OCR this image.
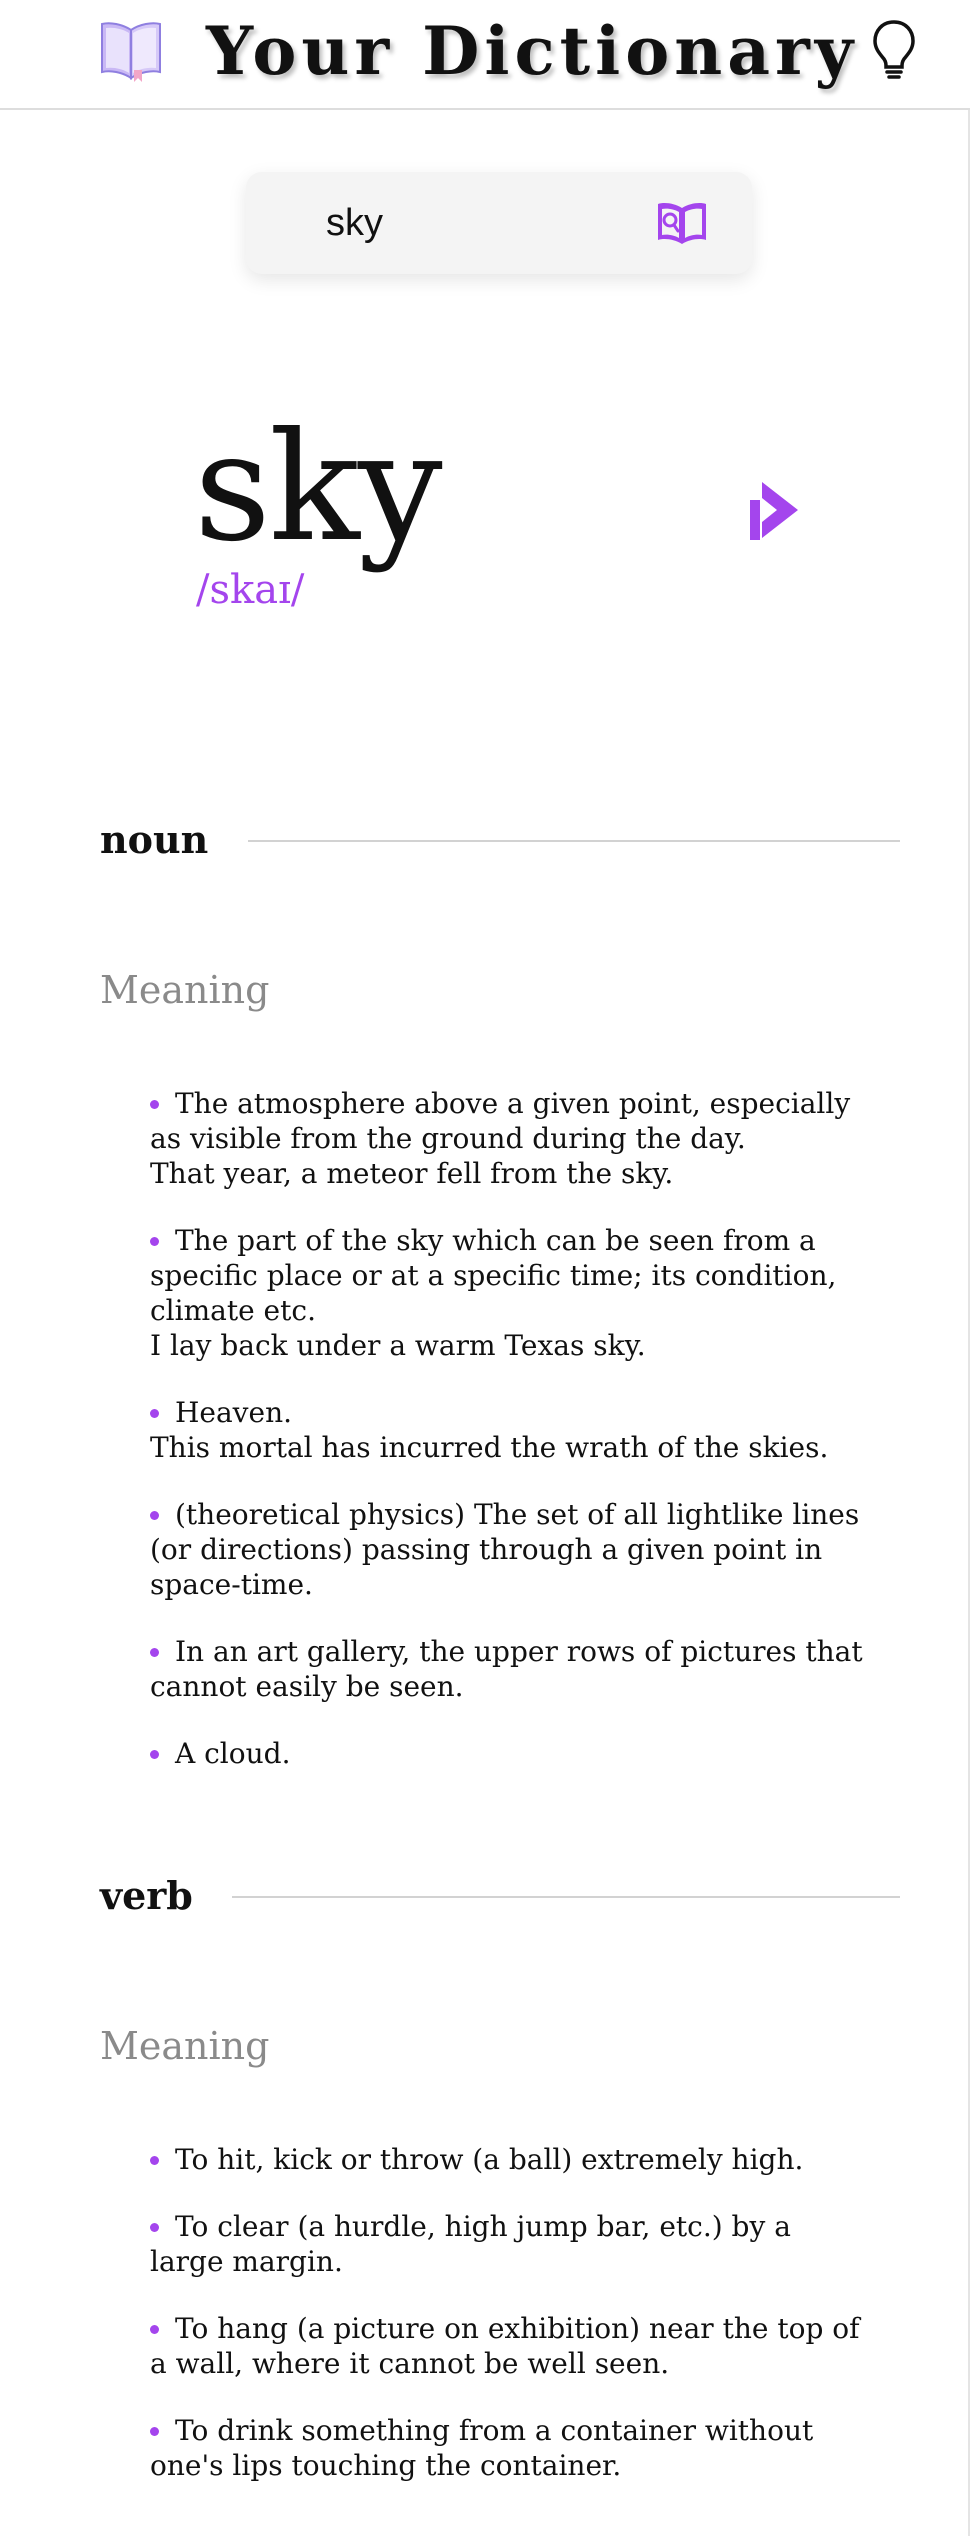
Your Dictionary
sky
sky
/skaɪ/
noun
Meaning
The atmosphere above a given point, especially as visible from the ground during the day.
That year, a meteor fell from the sky.
The part of the sky which can be seen from a specific place or at a specific time; its condition, climate etc.
I lay back under a warm Texas sky.
Heaven.
This mortal has incurred the wrath of the skies.
(theoretical physics) The set of all lightlike lines (or directions) passing through a given point in space-time.
In an art gallery, the upper rows of pictures that cannot easily be seen.
A cloud.
verb
Meaning
To hit, kick or throw (a ball) extremely high.
To clear (a hurdle, high jump bar, etc.) by a large margin.
To hang (a picture on exhibition) near the top of a wall, where it cannot be well seen.
To drink something from a container without one's lips touching the container.
